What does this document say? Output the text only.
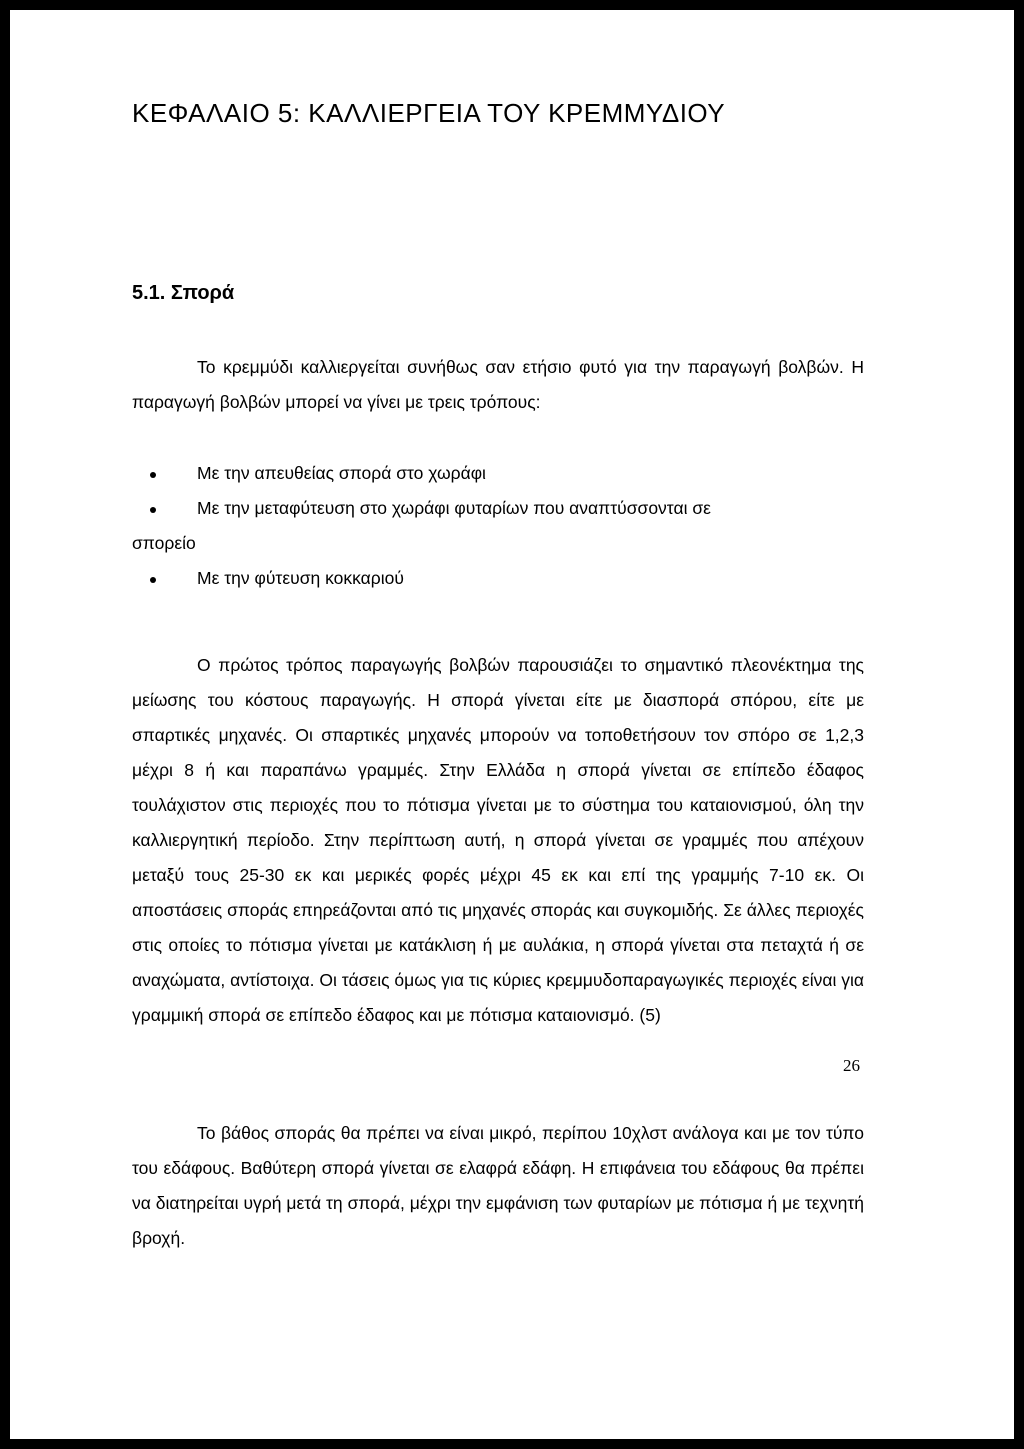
ΚΕΦΑΛΑΙΟ 5: ΚΑΛΛΙΕΡΓΕΙΑ ΤΟΥ ΚΡΕΜΜΥΔΙΟΥ
5.1. Σπορά

Το κρεμμύδι καλλιεργείται συνήθως σαν ετήσιο φυτό για την παραγωγή βολβών. Η παραγωγή βολβών μπορεί να γίνει με τρεις τρόπους:

Με την απευθείας σπορά στο χωράφι
Με την μεταφύτευση στο χωράφι φυταρίων που αναπτύσσονται σε
σπορείο
Με την φύτευση κοκκαριού

Ο πρώτος τρόπος παραγωγής βολβών παρουσιάζει το σημαντικό πλεονέκτημα της μείωσης του κόστους παραγωγής. Η σπορά γίνεται είτε με διασπορά σπόρου, είτε με σπαρτικές μηχανές. Οι σπαρτικές μηχανές μπορούν να τοποθετήσουν τον σπόρο σε 1,2,3 μέχρι 8 ή και παραπάνω γραμμές. Στην Ελλάδα η σπορά γίνεται σε επίπεδο έδαφος τουλάχιστον στις περιοχές που το πότισμα γίνεται με το σύστημα του καταιονισμού, όλη την καλλιεργητική περίοδο. Στην περίπτωση αυτή, η σπορά γίνεται σε γραμμές που απέχουν μεταξύ τους 25-30 εκ και μερικές φορές μέχρι 45 εκ και επί της γραμμής 7-10 εκ. Οι αποστάσεις σποράς επηρεάζονται από τις μηχανές σποράς και συγκομιδής. Σε άλλες περιοχές στις οποίες το πότισμα γίνεται με κατάκλιση ή με αυλάκια, η σπορά γίνεται στα πεταχτά ή σε αναχώματα, αντίστοιχα. Οι τάσεις όμως για τις κύριες κρεμμυδοπαραγωγικές περιοχές είναι για γραμμική σπορά σε επίπεδο έδαφος και με πότισμα καταιονισμό. (5)

Το βάθος σποράς θα πρέπει να είναι μικρό, περίπου 10χλστ ανάλογα και με τον τύπο του εδάφους. Βαθύτερη σπορά γίνεται σε ελαφρά εδάφη. Η επιφάνεια του εδάφους θα πρέπει να διατηρείται υγρή μετά τη σπορά, μέχρι την εμφάνιση των φυταρίων με πότισμα ή με τεχνητή βροχή.

26
